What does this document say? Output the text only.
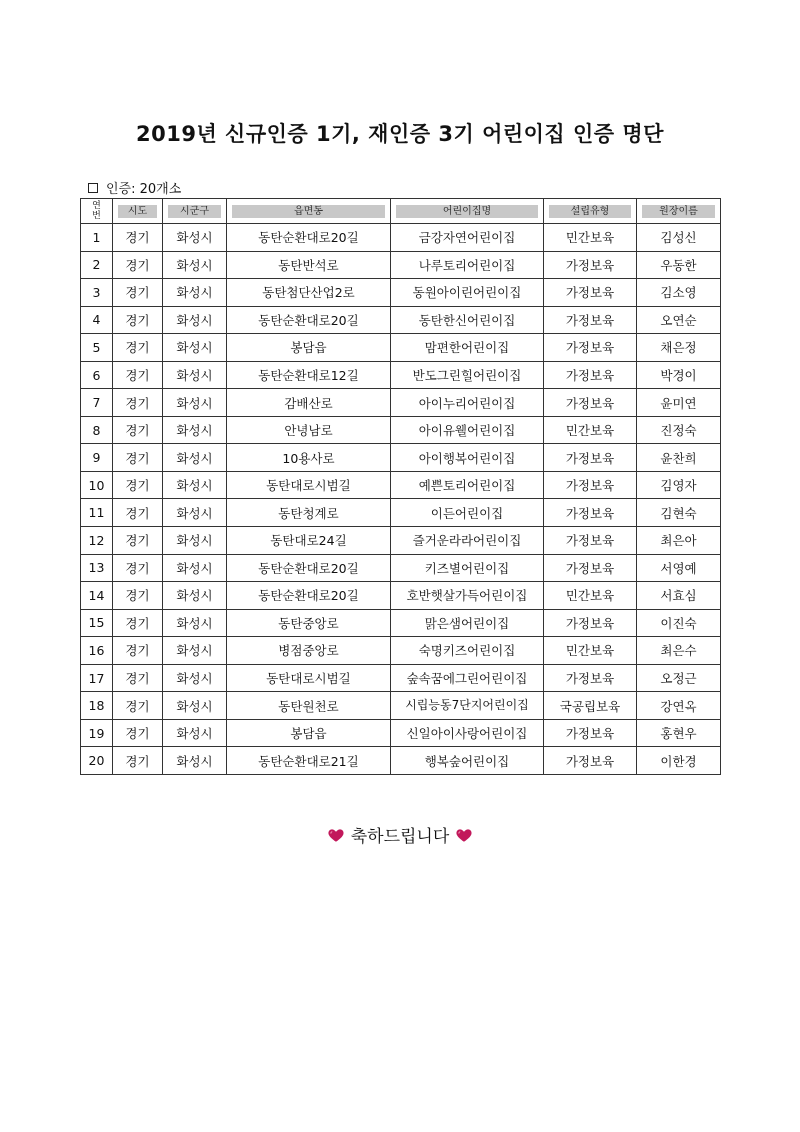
2019년 신규인증 1기, 재인증 3기 어린이집 인증 명단
인증: 20개소
연번	시도	시군구	읍면동	어린이집명	설립유형	원장이름

1	경기	화성시	동탄순환대로20길	금강자연어린이집	민간보육	김성신
2	경기	화성시	동탄반석로	나루토리어린이집	가정보육	우동한
3	경기	화성시	동탄첨단산업2로	동원아이린어린이집	가정보육	김소영
4	경기	화성시	동탄순환대로20길	동탄한신어린이집	가정보육	오연순
5	경기	화성시	봉담읍	맘편한어린이집	가정보육	채은정
6	경기	화성시	동탄순환대로12길	반도그린힐어린이집	가정보육	박경이
7	경기	화성시	감배산로	아이누리어린이집	가정보육	윤미연
8	경기	화성시	안녕남로	아이유웰어린이집	민간보육	진정숙
9	경기	화성시	10용사로	아이행복어린이집	가정보육	윤찬희
10	경기	화성시	동탄대로시범길	예쁜토리어린이집	가정보육	김영자
11	경기	화성시	동탄청계로	이든어린이집	가정보육	김현숙
12	경기	화성시	동탄대로24길	즐거운라라어린이집	가정보육	최은아
13	경기	화성시	동탄순환대로20길	키즈별어린이집	가정보육	서영예
14	경기	화성시	동탄순환대로20길	호반햇살가득어린이집	민간보육	서효심
15	경기	화성시	동탄중앙로	맑은샘어린이집	가정보육	이진숙
16	경기	화성시	병점중앙로	숙명키즈어린이집	민간보육	최은수
17	경기	화성시	동탄대로시범길	숲속꿈에그린어린이집	가정보육	오정근
18	경기	화성시	동탄원천로	시립능동7단지어린이집	국공립보육	강연옥
19	경기	화성시	봉담읍	신일아이사랑어린이집	가정보육	홍현우
20	경기	화성시	동탄순환대로21길	행복숲어린이집	가정보육	이한경
축하드립니다
